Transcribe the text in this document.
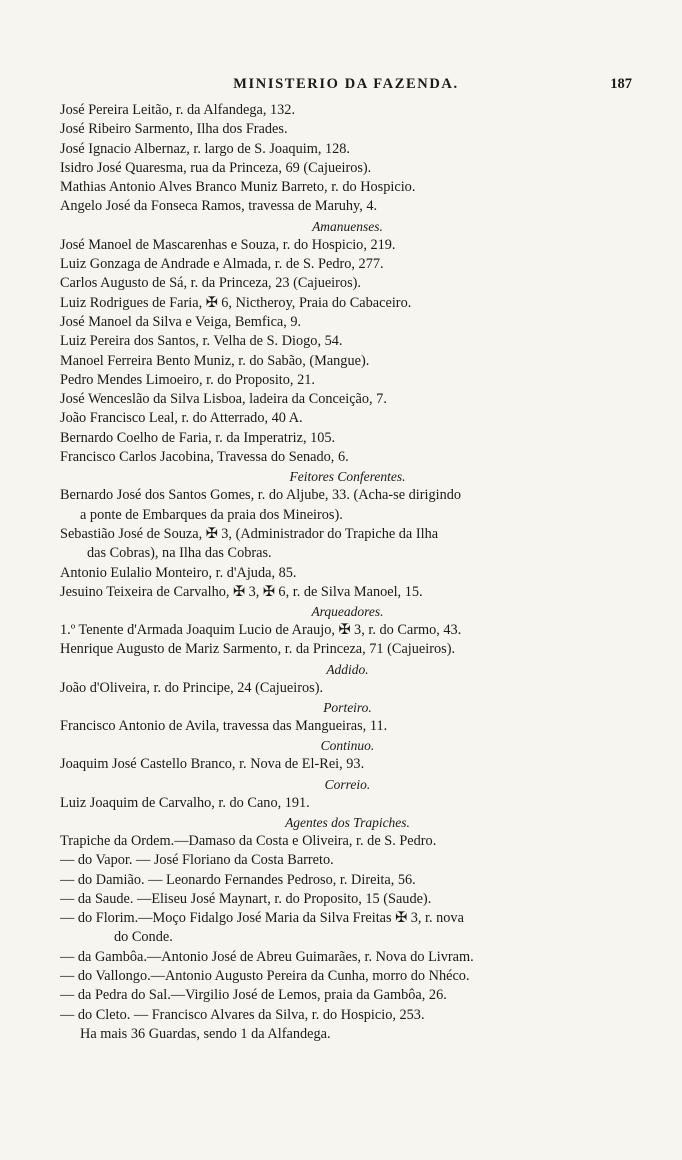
MINISTERIO DA FAZENDA.	187
José Pereira Leitão, r. da Alfandega, 132.
José Ribeiro Sarmento, Ilha dos Frades.
José Ignacio Albernaz, r. largo de S. Joaquim, 128.
Isidro José Quaresma, rua da Princeza, 69 (Cajueiros).
Mathias Antonio Alves Branco Muniz Barreto, r. do Hospicio.
Angelo José da Fonseca Ramos, travessa de Maruhy, 4.
Amanuenses.
José Manoel de Mascarenhas e Souza, r. do Hospicio, 219.
Luiz Gonzaga de Andrade e Almada, r. de S. Pedro, 277.
Carlos Augusto de Sá, r. da Princeza, 23 (Cajueiros).
Luiz Rodrigues de Faria, ✠ 6, Nictheroy, Praia do Cabaceiro.
José Manoel da Silva e Veiga, Bemfica, 9.
Luiz Pereira dos Santos, r. Velha de S. Diogo, 54.
Manoel Ferreira Bento Muniz, r. do Sabão, (Mangue).
Pedro Mendes Limoeiro, r. do Proposito, 21.
José Wenceslão da Silva Lisboa, ladeira da Conceição, 7.
João Francisco Leal, r. do Atterrado, 40 A.
Bernardo Coelho de Faria, r. da Imperatriz, 105.
Francisco Carlos Jacobina, Travessa do Senado, 6.
Feitores Conferentes.
Bernardo José dos Santos Gomes, r. do Aljube, 33. (Acha-se dirigindo
a ponte de Embarques da praia dos Mineiros).
Sebastião José de Souza, ✠ 3, (Administrador do Trapiche da Ilha
das Cobras), na Ilha das Cobras.
Antonio Eulalio Monteiro, r. d'Ajuda, 85.
Jesuino Teixeira de Carvalho, ✠ 3, ✠ 6, r. de Silva Manoel, 15.
Arqueadores.
1.º Tenente d'Armada Joaquim Lucio de Araujo, ✠ 3, r. do Carmo, 43.
Henrique Augusto de Mariz Sarmento, r. da Princeza, 71 (Cajueiros).
Addido.
João d'Oliveira, r. do Principe, 24 (Cajueiros).
Porteiro.
Francisco Antonio de Avila, travessa das Mangueiras, 11.
Continuo.
Joaquim José Castello Branco, r. Nova de El-Rei, 93.
Correio.
Luiz Joaquim de Carvalho, r. do Cano, 191.
Agentes dos Trapiches.
Trapiche da Ordem.—Damaso da Costa e Oliveira, r. de S. Pedro.
— do Vapor. — José Floriano da Costa Barreto.
— do Damião. — Leonardo Fernandes Pedroso, r. Direita, 56.
— da Saude. —Eliseu José Maynart, r. do Proposito, 15 (Saude).
— do Florim.—Moço Fidalgo José Maria da Silva Freitas ✠ 3, r. nova
do Conde.
— da Gambôa.—Antonio José de Abreu Guimarães, r. Nova do Livram.
— do Vallongo.—Antonio Augusto Pereira da Cunha, morro do Nhéco.
— da Pedra do Sal.—Virgilio José de Lemos, praia da Gambôa, 26.
— do Cleto. — Francisco Alvares da Silva, r. do Hospicio, 253.
Ha mais 36 Guardas, sendo 1 da Alfandega.
